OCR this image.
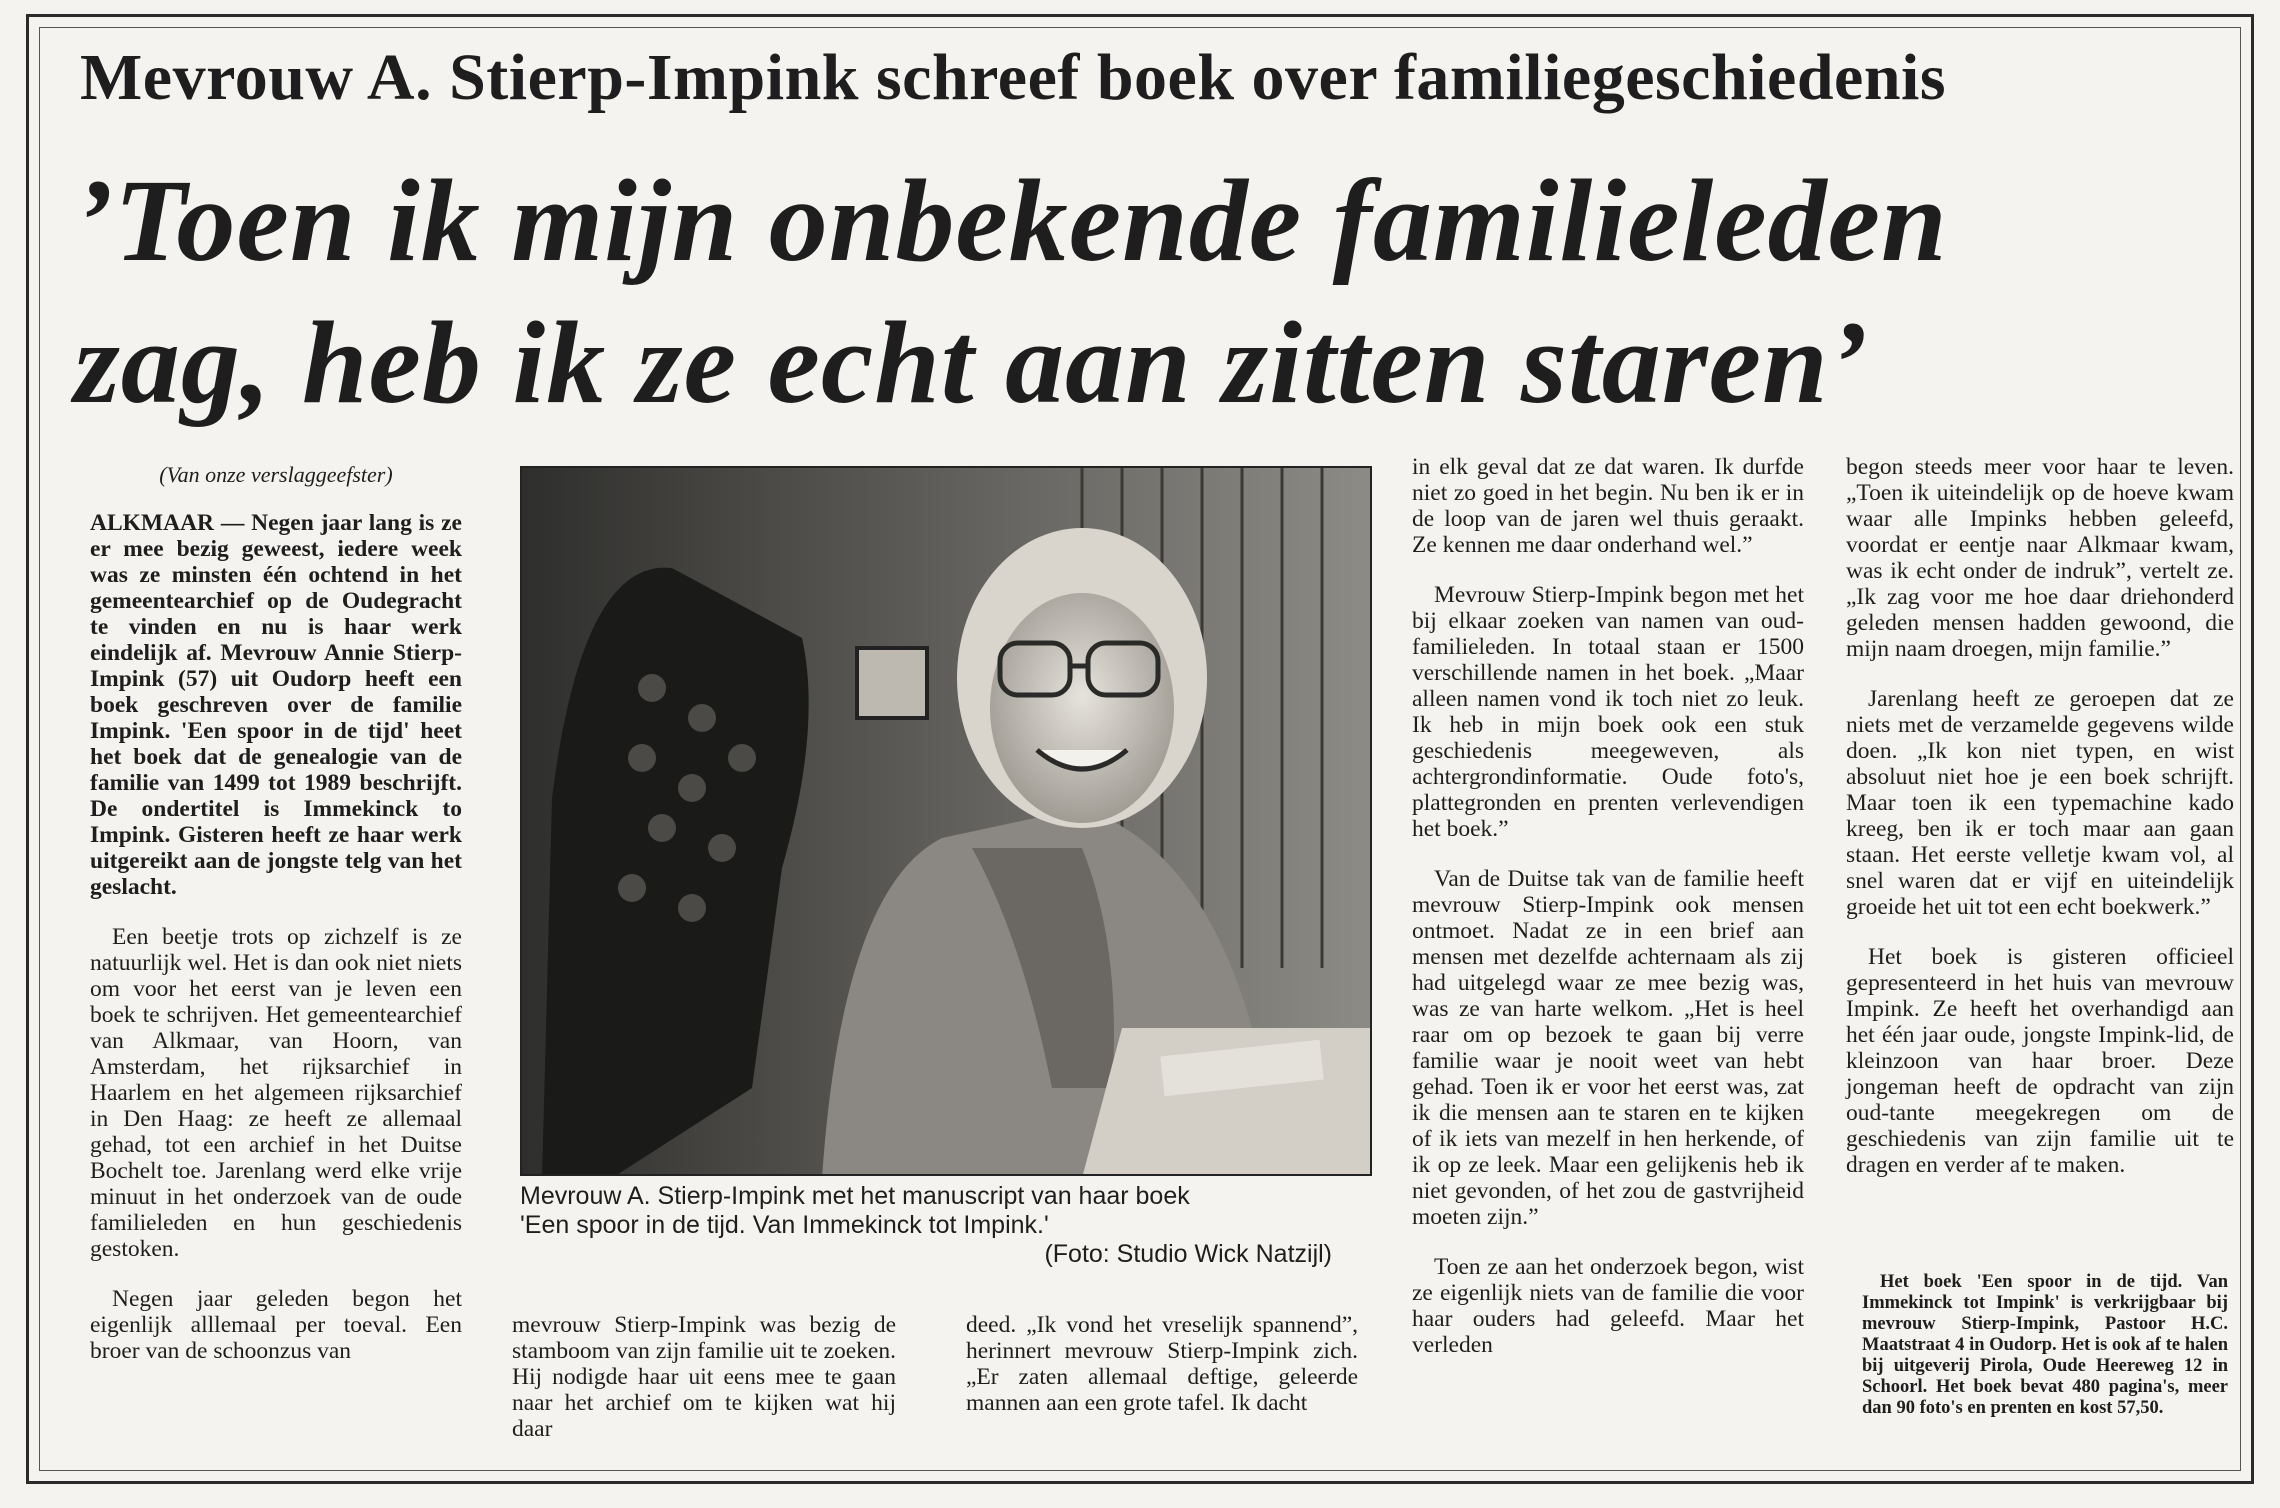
Mevrouw A. Stierp-Impink schreef boek over familiegeschiedenis
’Toen ik mijn onbekende familieleden
zag, heb ik ze echt aan zitten staren’
(Van onze verslaggeefster)

ALKMAAR — Negen jaar lang is ze er mee bezig geweest, iedere week was ze minsten één ochtend in het gemeentearchief op de Oudegracht te vinden en nu is haar werk eindelijk af. Mevrouw Annie Stierp-Impink (57) uit Oudorp heeft een boek geschreven over de familie Impink. 'Een spoor in de tijd' heet het boek dat de genealogie van de familie van 1499 tot 1989 beschrijft. De ondertitel is Immekinck to Impink. Gisteren heeft ze haar werk uitgereikt aan de jongste telg van het geslacht.

Een beetje trots op zichzelf is ze natuurlijk wel. Het is dan ook niet niets om voor het eerst van je leven een boek te schrijven. Het gemeentearchief van Alkmaar, van Hoorn, van Amsterdam, het rijksarchief in Haarlem en het algemeen rijksarchief in Den Haag: ze heeft ze allemaal gehad, tot een archief in het Duitse Bochelt toe. Jarenlang werd elke vrije minuut in het onderzoek van de oude familieleden en hun geschiedenis gestoken.

Negen jaar geleden begon het eigenlijk alllemaal per toeval. Een broer van de schoonzus van

Mevrouw A. Stierp-Impink met het manuscript van haar boek
'Een spoor in de tijd. Van Immekinck tot Impink.'
(Foto: Studio Wick Natzijl)

mevrouw Stierp-Impink was bezig de stamboom van zijn familie uit te zoeken. Hij nodigde haar uit eens mee te gaan naar het archief om te kijken wat hij daar

deed. „Ik vond het vreselijk spannend”, herinnert mevrouw Stierp-Impink zich. „Er zaten allemaal deftige, geleerde mannen aan een grote tafel. Ik dacht

in elk geval dat ze dat waren. Ik durfde niet zo goed in het begin. Nu ben ik er in de loop van de jaren wel thuis geraakt. Ze kennen me daar onderhand wel.”

Mevrouw Stierp-Impink begon met het bij elkaar zoeken van namen van oud-familieleden. In totaal staan er 1500 verschillende namen in het boek. „Maar alleen namen vond ik toch niet zo leuk. Ik heb in mijn boek ook een stuk geschiedenis meegeweven, als achtergrondinformatie. Oude foto's, plattegronden en prenten verlevendigen het boek.”

Van de Duitse tak van de familie heeft mevrouw Stierp-Impink ook mensen ontmoet. Nadat ze in een brief aan mensen met dezelfde achternaam als zij had uitgelegd waar ze mee bezig was, was ze van harte welkom. „Het is heel raar om op bezoek te gaan bij verre familie waar je nooit weet van hebt gehad. Toen ik er voor het eerst was, zat ik die mensen aan te staren en te kijken of ik iets van mezelf in hen herkende, of ik op ze leek. Maar een gelijkenis heb ik niet gevonden, of het zou de gastvrijheid moeten zijn.”

Toen ze aan het onderzoek begon, wist ze eigenlijk niets van de familie die voor haar ouders had geleefd. Maar het verleden

begon steeds meer voor haar te leven. „Toen ik uiteindelijk op de hoeve kwam waar alle Impinks hebben geleefd, voordat er eentje naar Alkmaar kwam, was ik echt onder de indruk”, vertelt ze. „Ik zag voor me hoe daar driehonderd geleden mensen hadden gewoond, die mijn naam droegen, mijn familie.”

Jarenlang heeft ze geroepen dat ze niets met de verzamelde gegevens wilde doen. „Ik kon niet typen, en wist absoluut niet hoe je een boek schrijft. Maar toen ik een typemachine kado kreeg, ben ik er toch maar aan gaan staan. Het eerste velletje kwam vol, al snel waren dat er vijf en uiteindelijk groeide het uit tot een echt boekwerk.”

Het boek is gisteren officieel gepresenteerd in het huis van mevrouw Impink. Ze heeft het overhandigd aan het één jaar oude, jongste Impink-lid, de kleinzoon van haar broer. Deze jongeman heeft de opdracht van zijn oud-tante meegekregen om de geschiedenis van zijn familie uit te dragen en verder af te maken.

Het boek 'Een spoor in de tijd. Van Immekinck tot Impink' is verkrijgbaar bij mevrouw Stierp-Impink, Pastoor H.C. Maatstraat 4 in Oudorp. Het is ook af te halen bij uitgeverij Pirola, Oude Heereweg 12 in Schoorl. Het boek bevat 480 pagina's, meer dan 90 foto's en prenten en kost 57,50.
